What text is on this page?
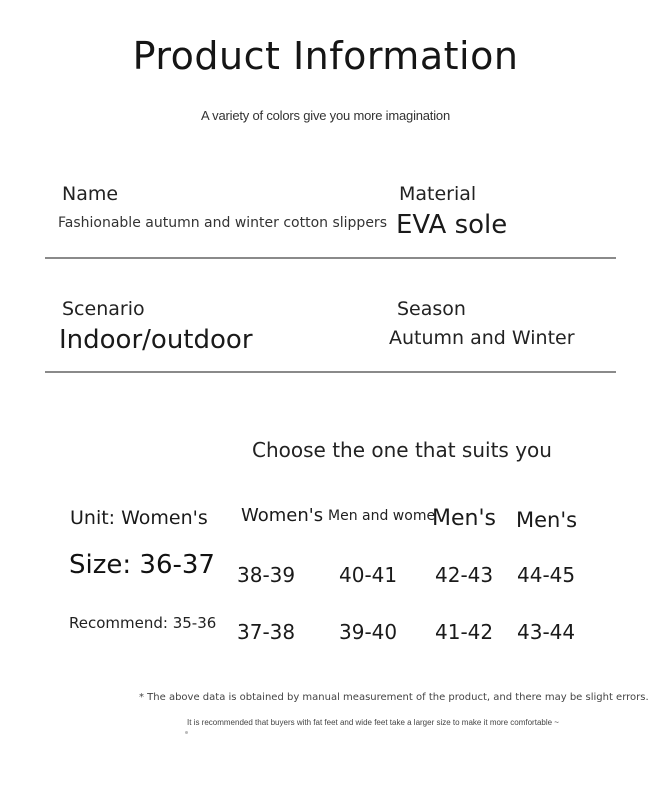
Product Information
A variety of colors give you more imagination
Name
Fashionable autumn and winter cotton slippers
Material
EVA sole
Scenario
Indoor/outdoor
Season
Autumn and Winter
Choose the one that suits you
Unit: Women's Women's Men and wome
Men's Men's
Size: 36-37 38-39 40-41 42-43 44-45
Recommend: 35-36 37-38 39-40 41-42 43-44
* The above data is obtained by manual measurement of the product, and there may be slight errors.
It is recommended that buyers with fat feet and wide feet take a larger size to make it more comfortable ~
